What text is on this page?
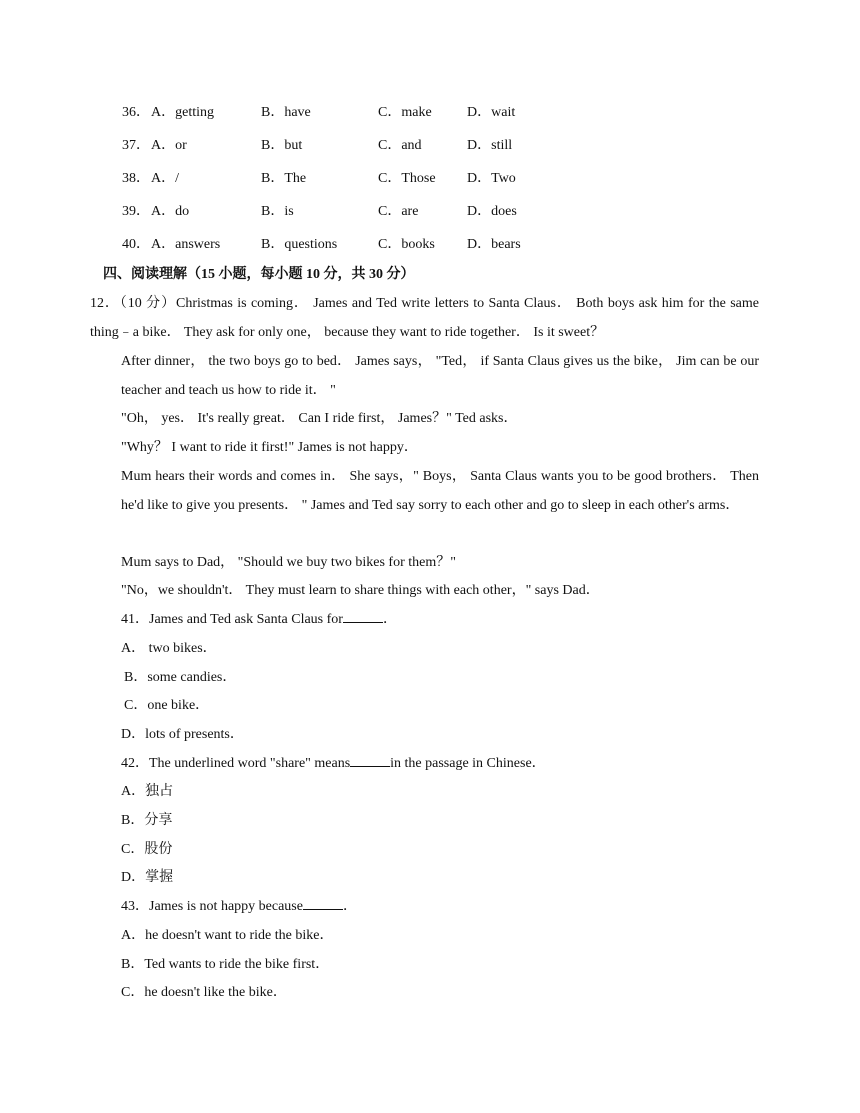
36． A．getting	B．have	C．make	D．wait
37． A．or	B．but	C．and	D．still
38． A．/	B．The	C．Those D．Two
39． A．do	B．is	C．are	D．does
40． A．answers	B．questions	C．books D．bears
四、阅读理解（15 小题，每小题 10 分，共 30 分）

12．（10 分）Christmas is coming． James and Ted write letters to Santa Claus． Both boys ask him for the same thing﹣a bike． They ask for only one， because they want to ride together． Is it sweet？

After dinner， the two boys go to bed． James says， "Ted， if Santa Claus gives us the bike， Jim can be our teacher and teach us how to ride it． "

"Oh， yes． It's really great． Can I ride first， James？" Ted asks．

"Why？ I want to ride it first!" James is not happy．

Mum hears their words and comes in． She says，" Boys， Santa Claus wants you to be good brothers． Then he'd like to give you presents． " James and Ted say sorry to each other and go to sleep in each other's arms．

Mum says to Dad， "Should we buy two bikes for them？"

"No，we shouldn't． They must learn to share things with each other，" says Dad．

41．James and Ted ask Santa Claus for	．
A． two bikes．
B．some candies．
C．one bike．
D．lots of presents．
42．The underlined word "share" means	in the passage in Chinese．
A．独占
B．分享
C．股份
D．掌握
43．James is not happy because	．
A．he doesn't want to ride the bike．
B．Ted wants to ride the bike first．
C．he doesn't like the bike．
